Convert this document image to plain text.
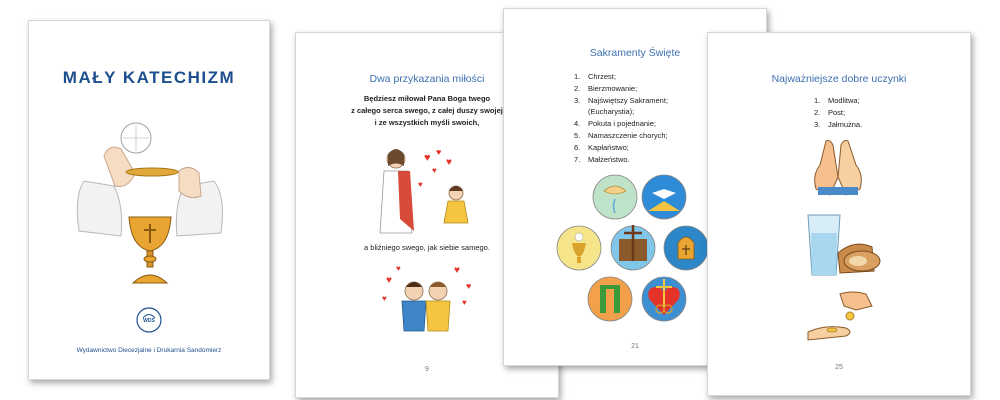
MAŁY KATECHIZM
WDS
Wydawnictwo Diecezjalne i Drukarnia Sandomierz
Dwa przykazania miłości
Będziesz miłował Pana Boga twego
z całego serca swego, z całej duszy swojej
i ze wszystkich myśli swoich,
♥ ♥
♥
♥
♥
a bliźniego swego, jak siebie samego.
♥
♥	♥
♥
♥
♥
9
Sakramenty Święte
1. Chrzest;
2. Bierzmowanie;
3. Najświętszy Sakrament;
(Eucharystia);
4. Pokuta i pojednanie;
5. Namaszczenie chorych;
6. Kapłaństwo;
7. Małżeństwo.
21
Najważniejsze dobre uczynki
1. Modlitwa;
2. Post;
3. Jałmużna.
25
